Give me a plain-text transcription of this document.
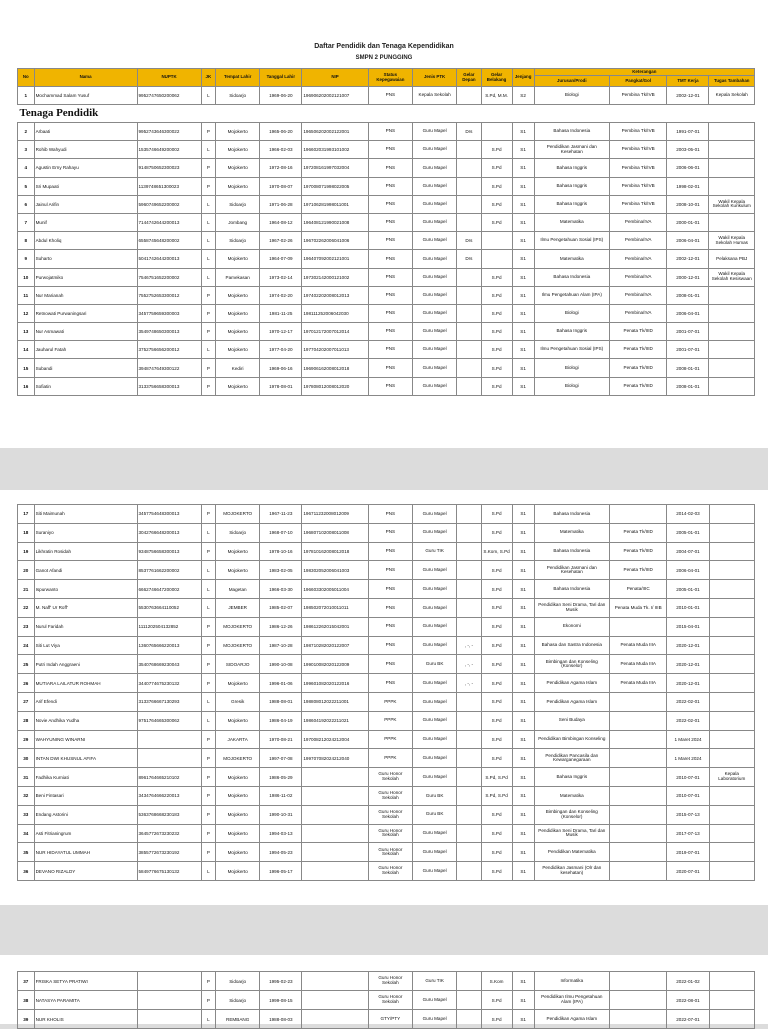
Daftar Pendidik dan Tenaga Kependidikan
SMPN 2 PUNGGING
No	Nama	NUPTK	JK	Tempat Lahir	Tanggal Lahir	NIP	Status Kepegawaian	Jenis PTK	Gelar Depan	Gelar Belakang	Jenjang	Keterangan			
												Jurusan/Prodi	Pangkat/Gol	TMT Kerja	Tugas Tambahan
1	Mochammad Salam Yusuf	9952747650200062	L	Sidoarjo	1969-06-20	196906202002121007	PNS	Kepala Sekolah		S.Pd, M.M.	S2	Biologi	Pembina Tk/IVB	2002-12-01	Kepala Sekolah
Tenaga Pendidik															
2	Arbaati	9952743646300022	P	Mojokerto	1965-06-20	196506202002122001	PNS	Guru Mapel	Drs		S1	Bahasa Indonesia	Pembina Tk/IVB	1991-07-01	
3	Rohib Wahyudi	1535746649200002	L	Mojokerto	1966-02-03	196602031993101002	PNS	Guru Mapel		S.Pd	S1	Pendidikan Jasmani dan Kesehatan	Pembina Tk/IVB	2003-05-01	
4	Agustin Erny Rahayu	9148750652300023	P	Mojokerto	1972-08-16	197208161997032004	PNS	Guru Mapel		S.Pd	S1	Bahasa Inggris	Pembina Tk/IVB	2006-06-01	
5	Sri Mupaati	1139748651300023	P	Mojokerto	1970-08-07	197008071998022005	PNS	Guru Mapel		S.Pd	S1	Bahasa Inggris	Pembina Tk/IVB	1998-02-01	
6	Jainul Arifin	5960749652200002	L	Sidoarjo	1971-06-28	197106281998011001	PNS	Guru Mapel		S.Pd	S1	Bahasa Inggris	Pembina Tk/IVB	2008-10-01	Wakil Kepala Sekolah Kurikulum
7	Munif	7144742644200013	L	Jombang	1964-08-12	196408121990021008	PNS	Guru Mapel		S.Pd	S1	Matematika	Pembina/IVA	2000-01-01	
8	Abdul Kholiq	6558745648200002	L	Sidoarjo	1967-02-26	196702262006041006	PNS	Guru Mapel	Drs		S1	Ilmu Pengetahuan Sosial (IPS)	Pembina/IVA	2006-04-01	Wakil Kepala Sekolah Humas
9	Suharto	5041742644200013	L	Mojokerto	1964-07-09	196407092002121001	PNS	Guru Mapel	Drs		S1	Matematika	Pembina/IVA	2002-12-01	Pelaksana PBJ
10	Purwojatmiko	7546751652200002	L	Pamekasan	1973-02-14	197302142000121002	PNS	Guru Mapel		S.Pd	S1	Bahasa Indonesia	Pembina/IVA	2000-12-01	Wakil Kepala Sekolah Kesiswaan
11	Nur Marianah	7552752653300012	P	Mojokerto	1974-02-20	197402202008012013	PNS	Guru Mapel		S.Pd	S1	Ilmu Pengetahuan Alam (IPA)	Pembina/IVA	2008-01-01	
12	Retnowati Purwaningsari	3457759659300003	P	Mojokerto	1981-11-25	198111252006042030	PNS	Guru Mapel		S.Pd	S1	Biologi	Pembina/IVA	2006-04-01	
13	Nur Asmawati	3549748650300013	P	Mojokerto	1970-12-17	197012172007012014	PNS	Guru Mapel		S.Pd	S1	Bahasa Inggris	Penata Tk/IIID	2001-07-01	
14	Jauharul Fatah	3752756656200012	L	Mojokerto	1977-04-20	197704202007011013	PNS	Guru Mapel		S.Pd	S1	Ilmu Pengetahuan Sosial (IPS)	Penata Tk/IIID	2001-07-01	
15	Subandi	3948747649300122	P	Kediri	1969-06-16	196906162008012018	PNS	Guru Mapel		S.Pd	S1	Biologi	Penata Tk/IIID	2008-01-01	
16	Sofiatin	3133756658300013	P	Mojokerto	1978-08-01	197808012008012020	PNS	Guru Mapel		S.Pd	S1	Biologi	Penata Tk/IIID	2008-01-01	
17	Siti Maimunah	3457754648300013	P	MOJOKERTO	1967-11-23	196711232008012009	PNS	Guru Mapel		S.Pd	S1	Bahasa Indonesia		2014-02-03	
18	Suraniyo	3042766648200013	L	Sidoarjo	1968-07-10	196807102008011008	PNS	Guru Mapel		S.Pd	S1	Matematika	Penata Tk/IIID	2005-01-01	
19	Likhratin Rosidah	9348756658300013	P	Mojokerto	1978-10-16	197810162008012018	PNS	Guru TIK		S.Kom, S.Pd	S1	Bahasa Indonesia	Penata Tk/IIID	2004-07-01	
20	Ganot Afandi	8537761662200002	L	Mojokerto	1983-02-05	198302052006041003	PNS	Guru Mapel		S.Pd	S1	Pendidikan Jasmani dan Kesehatan	Penata Tk/IIID	2006-04-01	
21	Ispurwanto	6662746647200002	L	Magetan	1966-03-30	196603302005011004	PNS	Guru Mapel		S.Pd	S1	Bahasa Indonesia	Penata/IIIC	2005-01-01	
22	M. Naff' Ur Roff'	5530763664110052	L	JEMBER	1985-02-07	198502072010011011	PNS	Guru Mapel		S.Pd	S1	Pendidikan Seni Drama, Tari dan Musik	Penata Muda Tk. I/ IIIB	2010-01-01	
23	Nurul Faridah	1111202504132852	P	MOJOKERTO	1986-12-26	198612262015042001	PNS	Guru Mapel		S.Pd	S1	Ekonomi		2015-04-01	
24	Siti Lut Viya	1360765666220013	P	MOJOKERTO	1987-10-28	198710282020122007	PNS	Guru Mapel	, -, -	S.Pd	S1	Bahasa dan Sastra Indonesia	Penata Muda IIIA	2020-12-01	
25	Putri Indah Anggraeni	3540768669230043	P	SIDOARJO	1990-10-08	199010082020122009	PNS	Guru BK	, -, -	S.Pd	S1	Bimbingan dan Konseling (Konselor)	Penata Muda IIIA	2020-12-01	
26	MUTIARA LAILATUR ROHMAH	3440774675230132	P	Mojokerto	1996-01-06	199601082020122016	PNS	Guru Mapel	, -, -	S.Pd	S1	Pendidikan Agama Islam	Penata Muda IIIA	2020-12-01	
27	Arif Efendi	3133766667130293	L	Gresik	1988-08-01	198808012022211001	PPPK	Guru Mapel		S.Pd	S1	Pendidikan Agama Islam		2022-02-01	
28	Novie Andhika Yudha	9751764665300062	L	Mojokerto	1986-04-19	198604192022211021	PPPK	Guru Mapel		S.Pd	S1	Seni Budaya		2022-02-01	
29	WAHYUNING WINARNI		P	JAKARTA	1970-08-21	197008212024212004	PPPK	Guru Mapel		S.Pd	S1	Pendidikan Bimbingan Konseling		1 Maret 2024	
30	INTAN DWI KHUSNUL AFIFA		P	MOJOKERTO	1997-07-08	199707082024212040	PPPK	Guru Mapel		S.Pd	S1	Pendidikan Pancasila dan Kewarganegaraan		1 Maret 2024	
31	Fadhika Kurniati	8961764665210102	P	Mojokerto	1986-05-29		Guru Honor Sekolah	Guru Mapel		S.Pd, S.Pd	S1	Bahasa Inggris		2010-07-01	Kepala Laboratorium
32	Beni Fintasari	3434764666220013	P	Mojokerto	1986-11-02		Guru Honor Sekolah	Guru BK		S.Pd, S.Pd	S1	Matematika		2010-07-01	
33	Endang Astorini	5363768668230183	P	Mojokerto	1990-10-31		Guru Honor Sekolah	Guru BK		S.Pd	S1	Bimbingan dan Konseling (Konselor)		2015-07-13	
34	Asti Fitrianingrum	3645772673230232	P	Mojokerto	1994-03-13		Guru Honor Sekolah	Guru Mapel		S.Pd	S1	Pendidikan Seni Drama, Tari dan Musik		2017-07-13	
35	NUR HIDAYATUL UMMAH	3855772673230192	P	Mojokerto	1994-05-23		Guru Honor Sekolah	Guru Mapel		S.Pd	S1	Pendidikan Matematika		2019-07-01	
36	DEVANO RIZALDY	5849776675130132	L	Mojokerto	1996-05-17		Guru Honor Sekolah	Guru Mapel		S.Pd	S1	Pendidikan Jasmani (Olr dan kesehatan)		2020-07-01	
37	FRISKA SETYA PRATIWI		P	Sidoarjo	1995-02-23		Guru Honor Sekolah	Guru TIK		S.Kom	S1	Informatika		2022-01-02	
38	NATASYA PARAMITA		P	Sidoarjo	1999-08-15		Guru Honor Sekolah	Guru Mapel		S.Pd	S1	Pendidikan Ilmu Pengetahuan Alam (IPA)		2022-08-01	
39	NUR KHOLIS		L	REMBANG	1988-08-03		GTY/PTY	Guru Mapel		S.Pd	S1	Pendidikan Agama Islam		2022-07-01	
